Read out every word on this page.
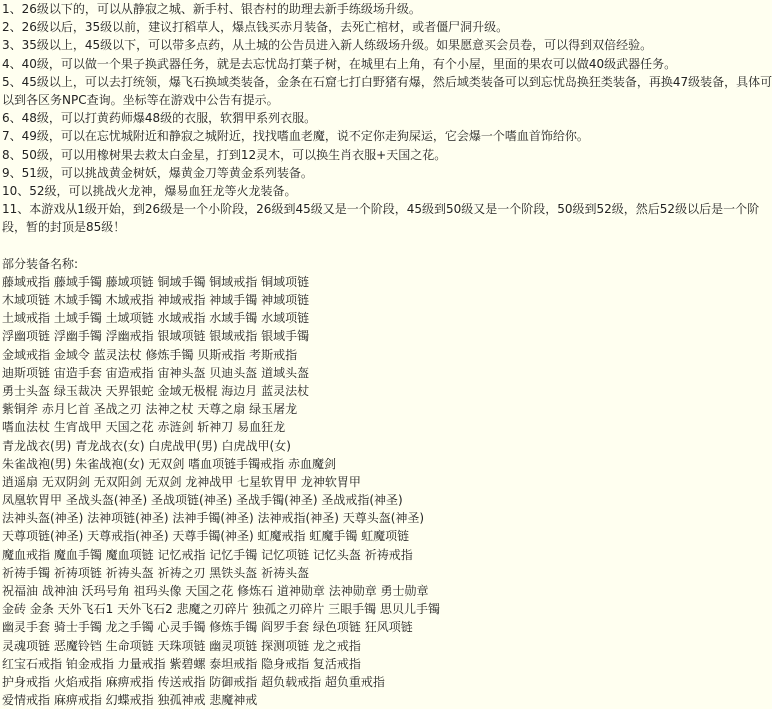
1、26级以下的，可以从静寂之城、新手村、银杏村的助理去新手练级场升级。
2、26级以后，35级以前，建议打稻草人，爆点钱买赤月装备，去死亡棺材，或者僵尸洞升级。
3、35级以上，45级以下，可以带多点药，从土城的公告员进入新人练级场升级。如果愿意买会员卷，可以得到双倍经验。
4、40级，可以做一个果子换武器任务，就是去忘忧岛打葉子树，在城里右上角，有个小屋，里面的果农可以做40级武器任务。
5、45级以上，可以去打统领，爆飞石换域类装备，金条在石窟七打白野猪有爆，然后域类装备可以到忘忧岛换狂类装备，再换47级装备，具体可
以到各区务NPC查询。坐标等在游戏中公告有提示。
6、48级，可以打黄药师爆48级的衣服，软猬甲系列衣服。
7、49级，可以在忘忧城附近和静寂之城附近，找找嗜血老魔，说不定你走狗屎运，它会爆一个嗜血首饰给你。
8、50级，可以用橡树果去救太白金星，打到12灵木，可以换生肖衣服+天国之花。
9、51级，可以挑战黄金树妖，爆黄金刀等黄金系列装备。
10、52级，可以挑战火龙神，爆易血狂龙等火龙装备。
11、本游戏从1级开始，到26级是一个小阶段，26级到45级又是一个阶段，45级到50级又是一个阶段，50级到52级，然后52级以后是一个阶
段，暂的封顶是85级！
部分装备名称:
藤域戒指 藤域手镯 藤域项链 铜域手镯 铜域戒指 铜域项链
木域项链 木域手镯 木域戒指 神域戒指 神域手镯 神域项链
土域戒指 土域手镯 土域项链 水域戒指 水域手镯 水域项链
浮幽项链 浮幽手镯 浮幽戒指 银域项链 银域戒指 银域手镯
金域戒指 金域令 蓝灵法杖 修炼手镯 贝斯戒指 考斯戒指
迪斯项链 宙造手套 宙造戒指 宙神头盔 贝迪头盔 道域头盔
勇士头盔 绿玉裁决 天界银蛇 金域无极棍 海边月 蓝灵法杖
紫铜斧 赤月匕首 圣战之刃 法神之杖 天尊之扇 绿玉屠龙
嗜血法杖 生宵战甲 天国之花 赤涟剑 斩神刀 易血狂龙
青龙战衣(男) 青龙战衣(女) 白虎战甲(男) 白虎战甲(女)
朱雀战袍(男) 朱雀战袍(女) 无双剑 嗜血项链手镯戒指 赤血魔剑
逍遥扇 无双阴剑 无双阳剑 无双剑 龙神战甲 七星软胃甲 龙神软胃甲
凤凰软胃甲 圣战头盔(神圣) 圣战项链(神圣) 圣战手镯(神圣) 圣战戒指(神圣)
法神头盔(神圣) 法神项链(神圣) 法神手镯(神圣) 法神戒指(神圣) 天尊头盔(神圣)
天尊项链(神圣) 天尊戒指(神圣) 天尊手镯(神圣) 虹魔戒指 虹魔手镯 虹魔项链
魔血戒指 魔血手镯 魔血项链 记忆戒指 记忆手镯 记忆项链 记忆头盔 祈祷戒指
祈祷手镯 祈祷项链 祈祷头盔 祈祷之刃 黑铁头盔 祈祷头盔
祝福油 战神油 沃玛号角 祖玛头像 天国之花 修炼石 道神勋章 法神勋章 勇士勋章
金砖 金条 天外飞石1 天外飞石2 悲魔之刃碎片 独孤之刃碎片 三眼手镯 思贝儿手镯
幽灵手套 骑士手镯 龙之手镯 心灵手镯 修炼手镯 阎罗手套 绿色项链 狂风项链
灵魂项链 恶魔铃铛 生命项链 天珠项链 幽灵项链 探测项链 龙之戒指
红宝石戒指 铂金戒指 力量戒指 紫碧螺 泰坦戒指 隐身戒指 复活戒指
护身戒指 火焰戒指 麻痹戒指 传送戒指 防御戒指 超负载戒指 超负重戒指
爱情戒指 麻痹戒指 幻蝶戒指 独孤神戒 悲魔神戒
